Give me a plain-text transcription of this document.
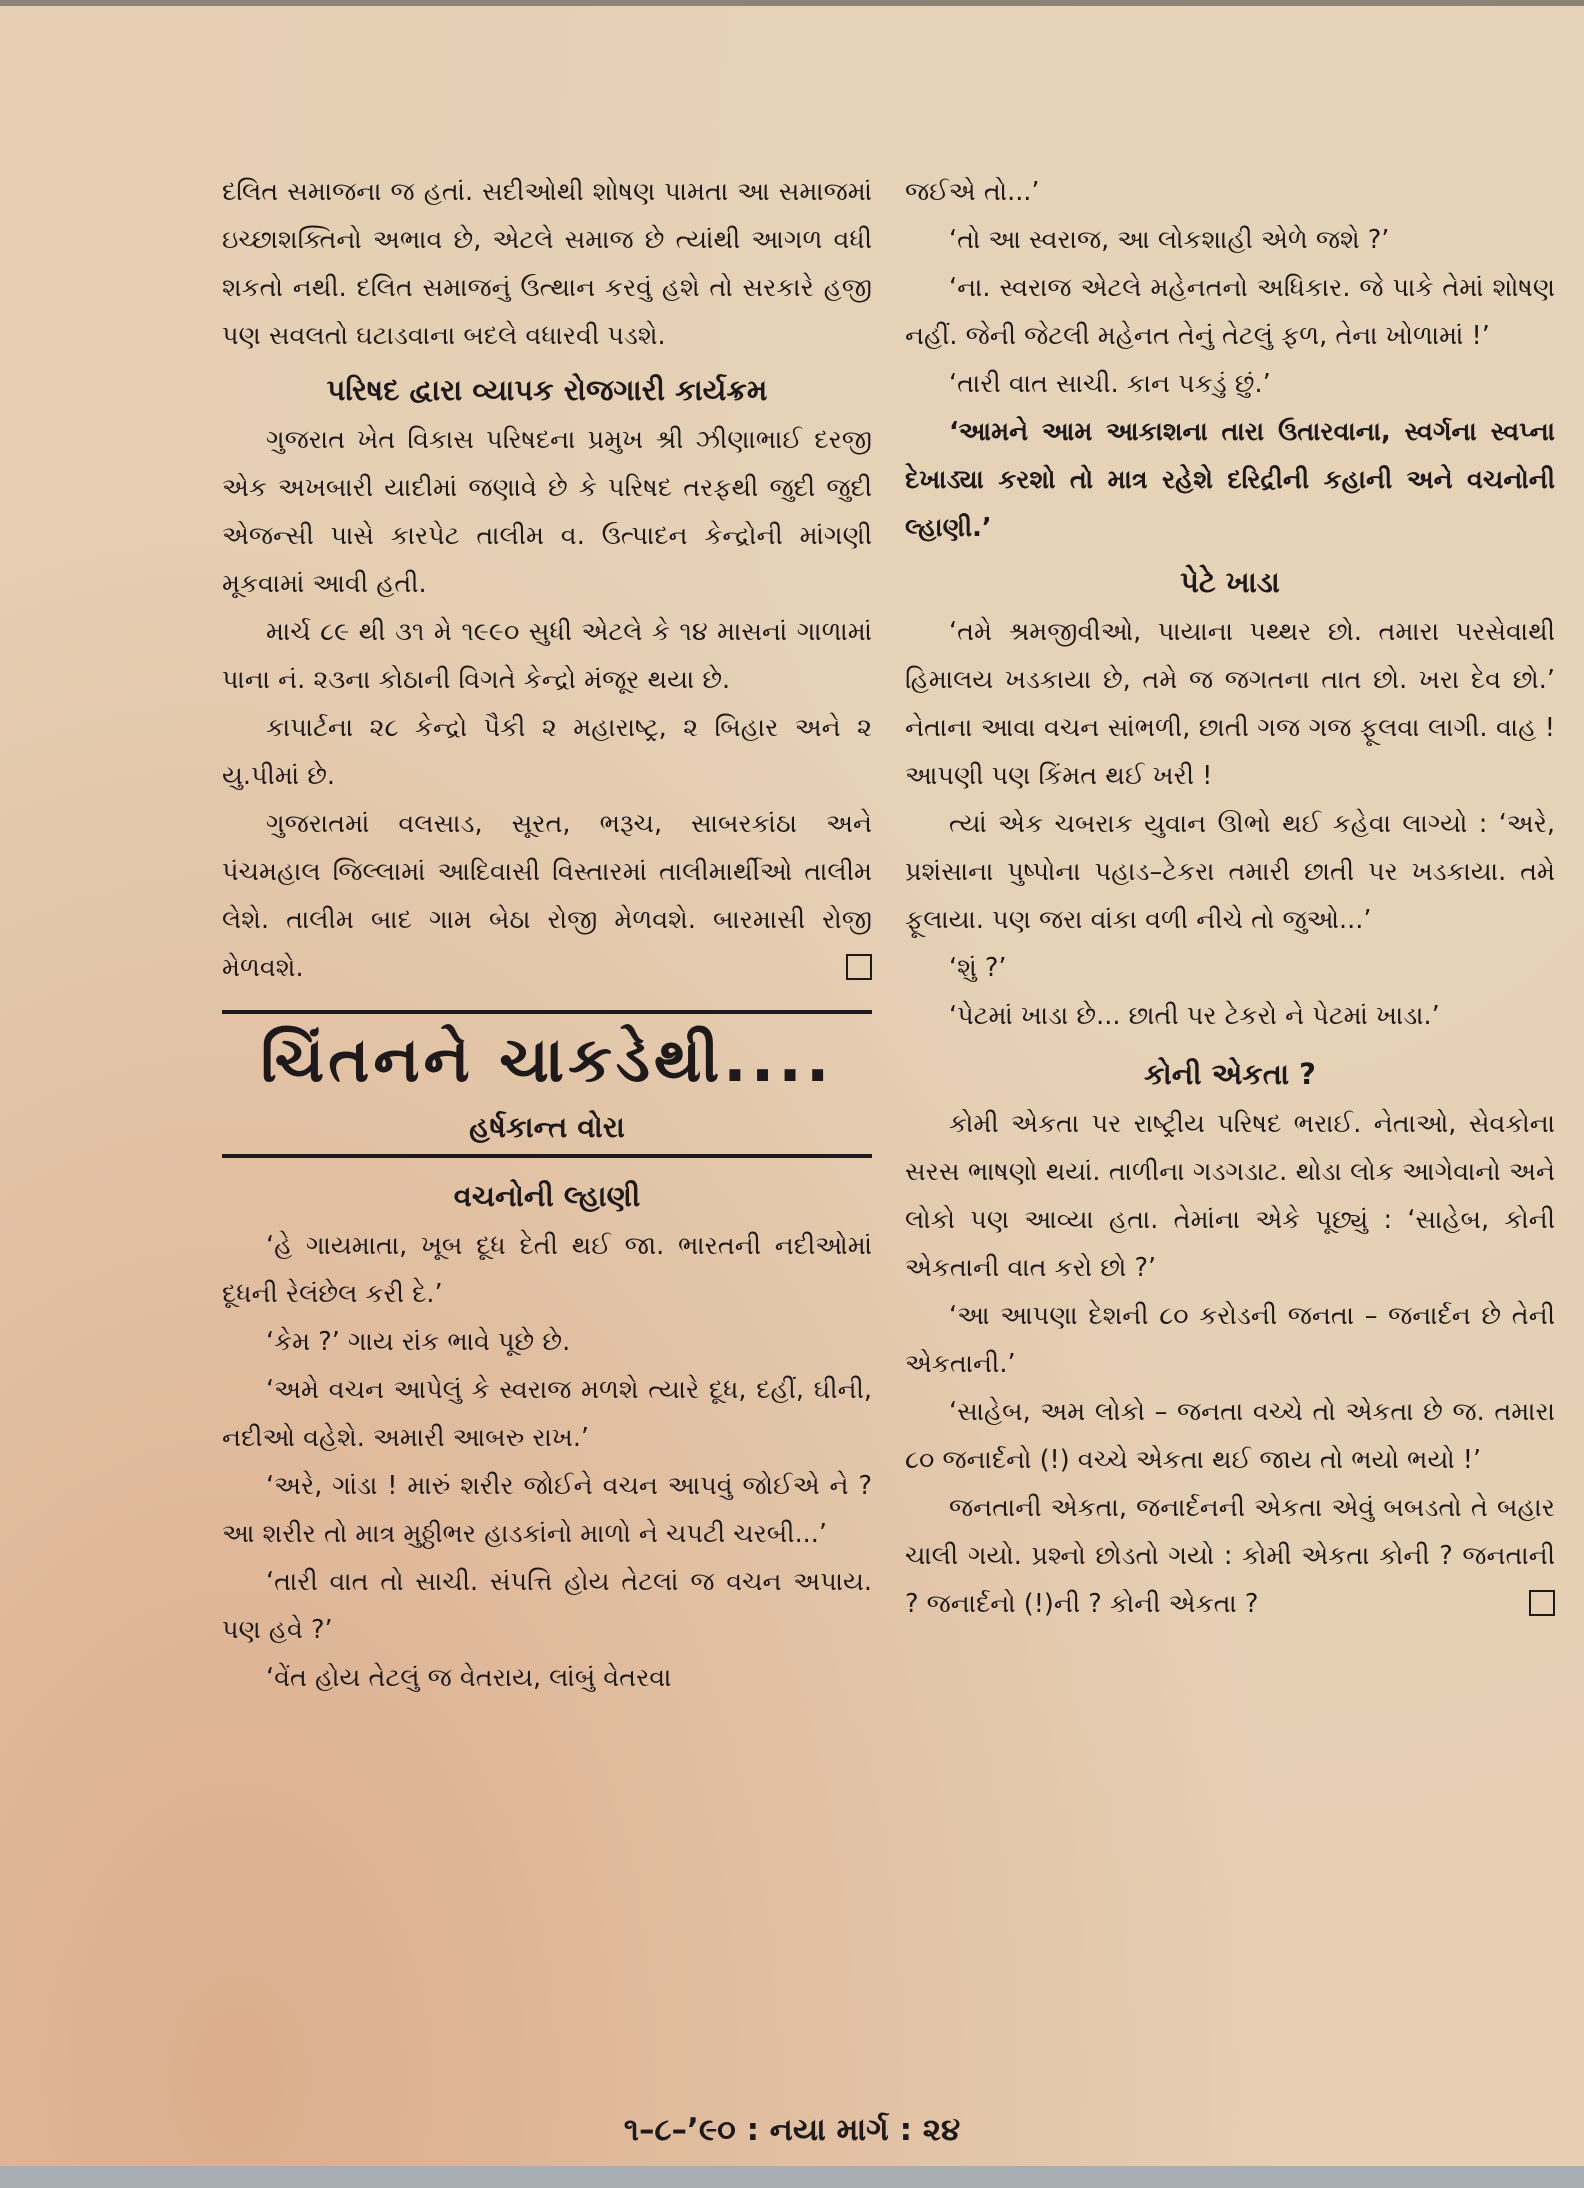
દલિત સમાજના જ હતાં. સદીઓથી શોષણ પામતા આ સમાજમાં ઇચ્છાશક્તિનો અભાવ છે, એટલે સમાજ છે ત્યાંથી આગળ વધી શકતો નથી. દલિત સમાજનું ઉત્થાન કરવું હશે તો સરકારે હજી પણ સવલતો ઘટાડવાના બદલે વધારવી પડશે.

પરિષદ દ્વારા વ્યાપક રોજગારી કાર્યક્રમ

ગુજરાત ખેત વિકાસ પરિષદના પ્રમુખ શ્રી ઝીણાભાઈ દરજી એક અખબારી યાદીમાં જણાવે છે કે પરિષદ તરફથી જુદી જુદી એજન્સી પાસે કારપેટ તાલીમ વ. ઉત્પાદન કેન્દ્રોની માંગણી મૂકવામાં આવી હતી.

માર્ચ ૮૯ થી ૩૧ મે ૧૯૯૦ સુધી એટલે કે ૧૪ માસનાં ગાળામાં પાના નં. ૨૩ના કોઠાની વિગતે કેન્દ્રો મંજૂર થયા છે.

કાપાર્ટના ૨૮ કેન્દ્રો પૈકી ૨ મહારાષ્ટ્ર, ૨ બિહાર અને ૨ યુ.પીમાં છે.

ગુજરાતમાં વલસાડ, સૂરત, ભરૂચ, સાબરકાંઠા અને પંચમહાલ જિલ્લામાં આદિવાસી વિસ્તારમાં તાલીમાર્થીઓ તાલીમ લેશે. તાલીમ બાદ ગામ બેઠા રોજી મેળવશે. બારમાસી રોજી મેળવશે.

ચિંતનને ચાકડેથી....
હર્ષકાન્ત વોરા
વચનોની લ્હાણી

‘હે ગાયમાતા, ખૂબ દૂધ દેતી થઈ જા. ભારતની નદીઓમાં દૂધની રેલંછેલ કરી દે.’

‘કેમ ?’ ગાય રાંક ભાવે પૂછે છે.

‘અમે વચન આપેલું કે સ્વરાજ મળશે ત્યારે દૂધ, દહીં, ઘીની, નદીઓ વહેશે. અમારી આબરુ રાખ.’

‘અરે, ગાંડા ! મારું શરીર જોઈને વચન આપવું જોઈએ ને ? આ શરીર તો માત્ર મુઠ્ઠીભર હાડકાંનો માળો ને ચપટી ચરબી...’

‘તારી વાત તો સાચી. સંપત્તિ હોય તેટલાં જ વચન અપાય. પણ હવે ?’

‘વેંત હોય તેટલું જ વેતરાય, લાંબું વેતરવા

જઈએ તો...’

‘તો આ સ્વરાજ, આ લોકશાહી એળે જશે ?’

‘ના. સ્વરાજ એટલે મહેનતનો અધિકાર. જે પાકે તેમાં શોષણ નહીં. જેની જેટલી મહેનત તેનું તેટલું ફળ, તેના ખોળામાં !’

‘તારી વાત સાચી. કાન પકડું છું.’

‘આમને આમ આકાશના તારા ઉતારવાના, સ્વર્ગના સ્વપ્ના દેખાડ્યા કરશો તો માત્ર રહેશે દરિદ્રીની કહાની અને વચનોની લ્હાણી.’

પેટે ખાડા

‘તમે શ્રમજીવીઓ, પાયાના પથ્થર છો. તમારા પરસેવાથી હિમાલય ખડકાયા છે, તમે જ જગતના તાત છો. ખરા દેવ છો.’ નેતાના આવા વચન સાંભળી, છાતી ગજ ગજ ફૂલવા લાગી. વાહ ! આપણી પણ કિંમત થઈ ખરી !

ત્યાં એક ચબરાક યુવાન ઊભો થઈ કહેવા લાગ્યો : ‘અરે, પ્રશંસાના પુષ્પોના પહાડ–ટેકરા તમારી છાતી પર ખડકાયા. તમે ફૂલાયા. પણ જરા વાંકા વળી નીચે તો જુઓ...’

‘શું ?’

‘પેટમાં ખાડા છે... છાતી પર ટેકરો ને પેટમાં ખાડા.’

કોની એકતા ?

કોમી એકતા પર રાષ્ટ્રીય પરિષદ ભરાઈ. નેતાઓ, સેવકોના સરસ ભાષણો થયાં. તાળીના ગડગડાટ. થોડા લોક આગેવાનો અને લોકો પણ આવ્યા હતા. તેમાંના એકે પૂછ્યું : ‘સાહેબ, કોની એકતાની વાત કરો છો ?’

‘આ આપણા દેશની ૮૦ કરોડની જનતા – જનાર્દન છે તેની એકતાની.’

‘સાહેબ, અમ લોકો – જનતા વચ્ચે તો એકતા છે જ. તમારા ૮૦ જનાર્દનો (!) વચ્ચે એકતા થઈ જાય તો ભયો ભયો !’

જનતાની એકતા, જનાર્દનની એકતા એવું બબડતો તે બહાર ચાલી ગયો. પ્રશ્નો છોડતો ગયો : કોમી એકતા કોની ? જનતાની ? જનાર્દનો (!)ની ? કોની એકતા ?

૧–૮–’૯૦ : નયા માર્ગ : ૨૪
